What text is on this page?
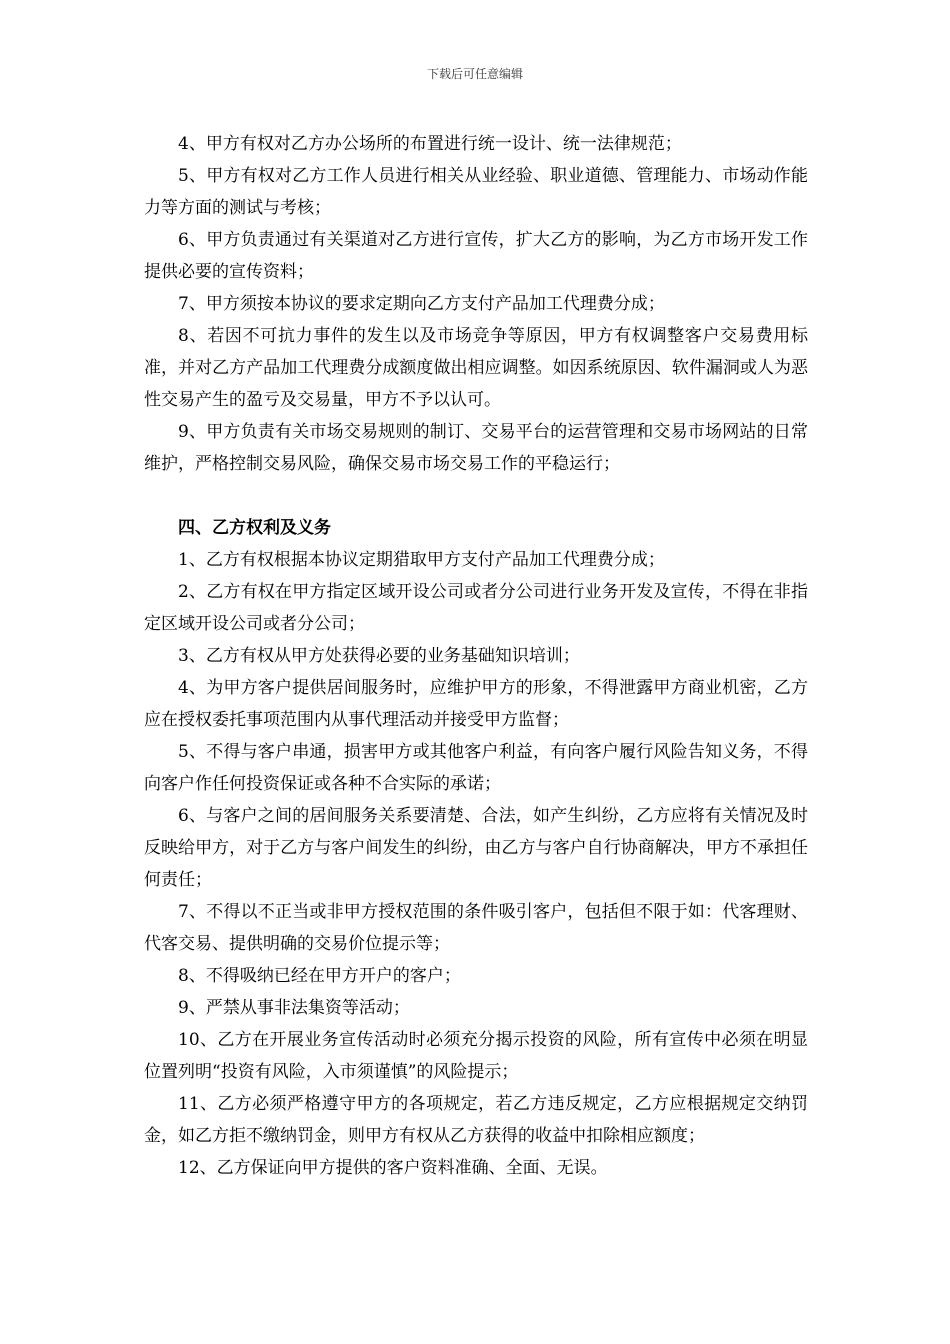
下载后可任意编辑

4、甲方有权对乙方办公场所的布置进行统一设计、统一法律规范；

5、甲方有权对乙方工作人员进行相关从业经验、职业道德、管理能力、市场动作能力等方面的测试与考核；

6、甲方负责通过有关渠道对乙方进行宣传，扩大乙方的影响，为乙方市场开发工作提供必要的宣传资料；

7、甲方须按本协议的要求定期向乙方支付产品加工代理费分成；

8、若因不可抗力事件的发生以及市场竞争等原因，甲方有权调整客户交易费用标准，并对乙方产品加工代理费分成额度做出相应调整。如因系统原因、软件漏洞或人为恶性交易产生的盈亏及交易量，甲方不予以认可。

9、甲方负责有关市场交易规则的制订、交易平台的运营管理和交易市场网站的日常维护，严格控制交易风险，确保交易市场交易工作的平稳运行；

四、乙方权利及义务

1、乙方有权根据本协议定期猎取甲方支付产品加工代理费分成；

2、乙方有权在甲方指定区域开设公司或者分公司进行业务开发及宣传，不得在非指定区域开设公司或者分公司；

3、乙方有权从甲方处获得必要的业务基础知识培训；

4、为甲方客户提供居间服务时，应维护甲方的形象，不得泄露甲方商业机密，乙方应在授权委托事项范围内从事代理活动并接受甲方监督；

5、不得与客户串通，损害甲方或其他客户利益，有向客户履行风险告知义务，不得向客户作任何投资保证或各种不合实际的承诺；

6、与客户之间的居间服务关系要清楚、合法，如产生纠纷，乙方应将有关情况及时反映给甲方，对于乙方与客户间发生的纠纷，由乙方与客户自行协商解决，甲方不承担任何责任；

7、不得以不正当或非甲方授权范围的条件吸引客户，包括但不限于如：代客理财、代客交易、提供明确的交易价位提示等；

8、不得吸纳已经在甲方开户的客户；

9、严禁从事非法集资等活动；

10、乙方在开展业务宣传活动时必须充分揭示投资的风险，所有宣传中必须在明显位置列明“投资有风险，入市须谨慎”的风险提示；

11、乙方必须严格遵守甲方的各项规定，若乙方违反规定，乙方应根据规定交纳罚金，如乙方拒不缴纳罚金，则甲方有权从乙方获得的收益中扣除相应额度；

12、乙方保证向甲方提供的客户资料准确、全面、无误。
